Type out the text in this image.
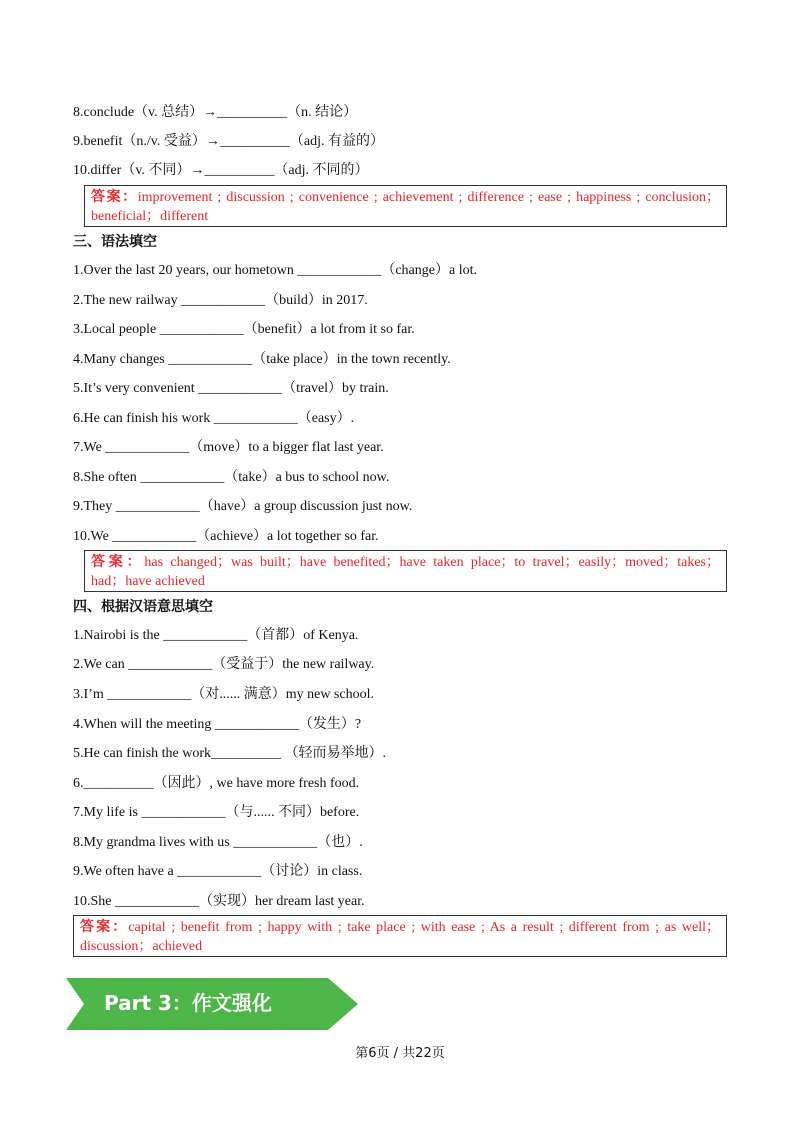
8.conclude（v. 总结）→__________（n. 结论）
9.benefit（n./v. 受益）→__________（adj. 有益的）
10.differ（v. 不同）→__________（adj. 不同的）
答案：improvement ; discussion ; convenience ; achievement ; difference ; ease ; happiness ; conclusion；beneficial；different
三、语法填空
1.Over the last 20 years, our hometown ____________（change）a lot.
2.The new railway ____________（build）in 2017.
3.Local people ____________（benefit）a lot from it so far.
4.Many changes ____________（take place）in the town recently.
5.It’s very convenient ____________（travel）by train.
6.He can finish his work ____________（easy）.
7.We ____________（move）to a bigger flat last year.
8.She often ____________（take）a bus to school now.
9.They ____________（have）a group discussion just now.
10.We ____________（achieve）a lot together so far.
答案：has changed；was built；have benefited；have taken place；to travel；easily；moved；takes；had；have achieved
四、根据汉语意思填空
1.Nairobi is the ____________（首都）of Kenya.
2.We can ____________（受益于）the new railway.
3.I’m ____________（对...... 满意）my new school.
4.When will the meeting ____________（发生）?
5.He can finish the work__________ （轻而易举地）.
6.__________（因此）, we have more fresh food.
7.My life is ____________（与...... 不同）before.
8.My grandma lives with us ____________（也）.
9.We often have a ____________（讨论）in class.
10.She ____________（实现）her dream last year.
答案：capital ; benefit from ; happy with ; take place ; with ease ; As a result ; different from ; as well；discussion；achieved
Part 3：作文强化
第6页 / 共22页
